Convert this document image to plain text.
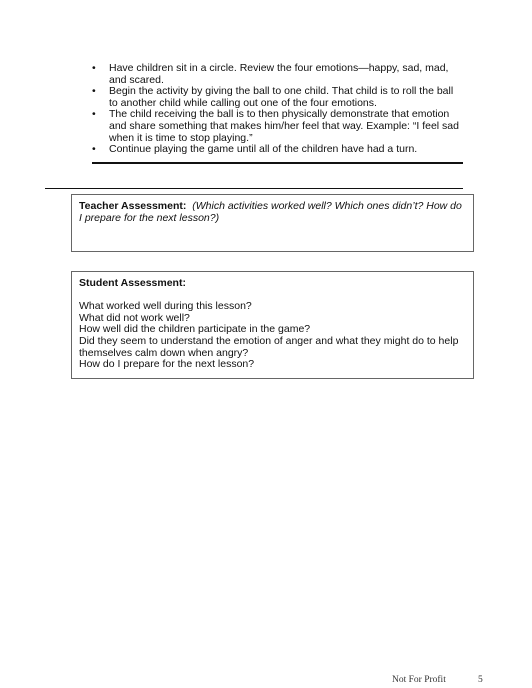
• Have children sit in a circle. Review the four emotions—happy, sad, mad, and scared.
• Begin the activity by giving the ball to one child. That child is to roll the ball to another child while calling out one of the four emotions.
• The child receiving the ball is to then physically demonstrate that emotion and share something that makes him/her feel that way. Example: “I feel sad when it is time to stop playing.”
• Continue playing the game until all of the children have had a turn.
Teacher Assessment: (Which activities worked well? Which ones didn’t? How do I prepare for the next lesson?)
Student Assessment:
What worked well during this lesson?
What did not work well?
How well did the children participate in the game?
Did they seem to understand the emotion of anger and what they might do to help themselves calm down when angry?
How do I prepare for the next lesson?
Not For Profit	5
